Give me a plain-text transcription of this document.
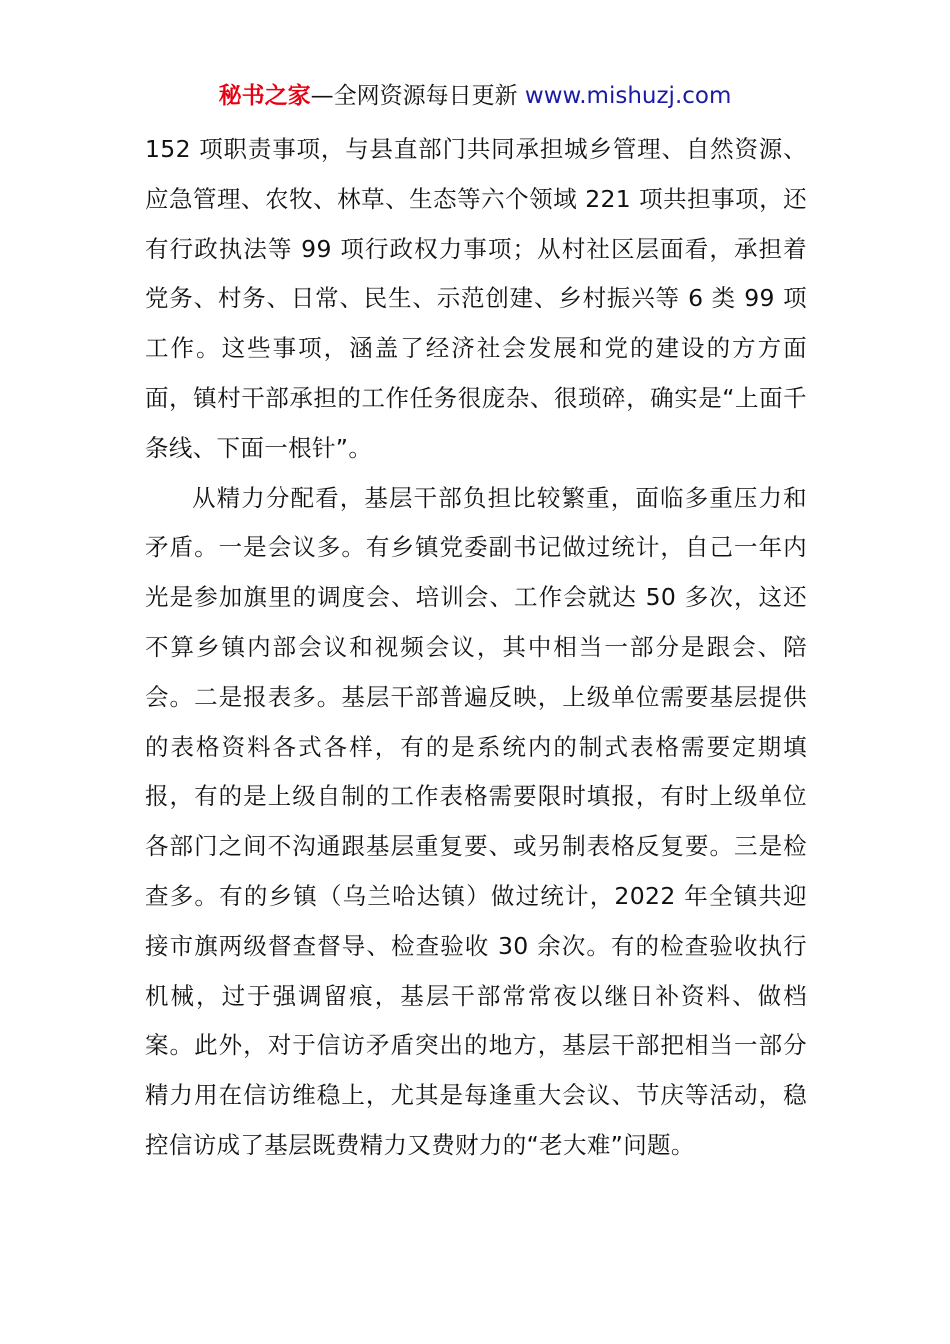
秘书之家—全网资源每日更新 www.mishuzj.com

152 项职责事项，与县直部门共同承担城乡管理、自然资源、应急管理、农牧、林草、生态等六个领域 221 项共担事项，还有行政执法等 99 项行政权力事项；从村社区层面看，承担着党务、村务、日常、民生、示范创建、乡村振兴等 6 类 99 项工作。这些事项，涵盖了经济社会发展和党的建设的方方面面，镇村干部承担的工作任务很庞杂、很琐碎，确实是“上面千条线、下面一根针”。

从精力分配看，基层干部负担比较繁重，面临多重压力和矛盾。一是会议多。有乡镇党委副书记做过统计，自己一年内光是参加旗里的调度会、培训会、工作会就达 50 多次，这还不算乡镇内部会议和视频会议，其中相当一部分是跟会、陪会。二是报表多。基层干部普遍反映，上级单位需要基层提供的表格资料各式各样，有的是系统内的制式表格需要定期填报，有的是上级自制的工作表格需要限时填报，有时上级单位各部门之间不沟通跟基层重复要、或另制表格反复要。三是检查多。有的乡镇（乌兰哈达镇）做过统计，2022 年全镇共迎接市旗两级督查督导、检查验收 30 余次。有的检查验收执行机械，过于强调留痕，基层干部常常夜以继日补资料、做档案。此外，对于信访矛盾突出的地方，基层干部把相当一部分精力用在信访维稳上，尤其是每逢重大会议、节庆等活动，稳控信访成了基层既费精力又费财力的“老大难”问题。
